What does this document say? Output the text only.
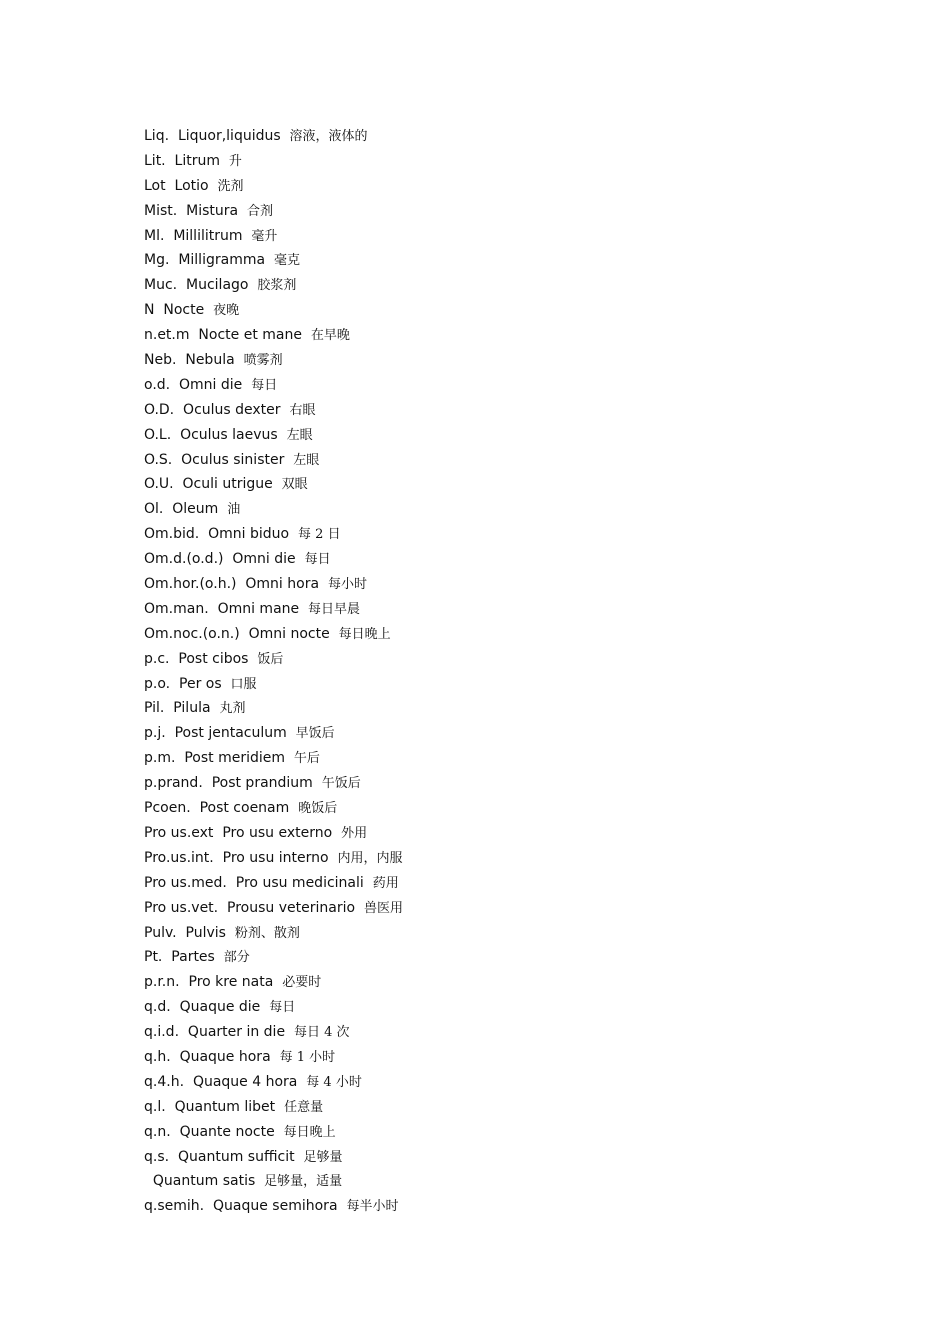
Liq. Liquor,liquidus 溶液，液体的
Lit. Litrum 升
Lot Lotio 洗剂
Mist. Mistura 合剂
Ml. Millilitrum 毫升
Mg. Milligramma 毫克
Muc. Mucilago 胶浆剂
N Nocte 夜晚
n.et.m Nocte et mane 在早晚
Neb. Nebula 喷雾剂
o.d. Omni die 每日
O.D. Oculus dexter 右眼
O.L. Oculus laevus 左眼
O.S. Oculus sinister 左眼
O.U. Oculi utrigue 双眼
Ol. Oleum 油
Om.bid. Omni biduo 每 2 日
Om.d.(o.d.) Omni die 每日
Om.hor.(o.h.) Omni hora 每小时
Om.man. Omni mane 每日早晨
Om.noc.(o.n.) Omni nocte 每日晚上
p.c. Post cibos 饭后
p.o. Per os 口服
Pil. Pilula 丸剂
p.j. Post jentaculum 早饭后
p.m. Post meridiem 午后
p.prand. Post prandium 午饭后
Pcoen. Post coenam 晚饭后
Pro us.ext Pro usu externo 外用
Pro.us.int. Pro usu interno 内用，内服
Pro us.med. Pro usu medicinali 药用
Pro us.vet. Prousu veterinario 兽医用
Pulv. Pulvis 粉剂、散剂
Pt. Partes 部分
p.r.n. Pro kre nata 必要时
q.d. Quaque die 每日
q.i.d. Quarter in die 每日 4 次
q.h. Quaque hora 每 1 小时
q.4.h. Quaque 4 hora 每 4 小时
q.l. Quantum libet 任意量
q.n. Quante nocte 每日晚上
q.s. Quantum sufficit 足够量
Quantum satis 足够量，适量
q.semih. Quaque semihora 每半小时
